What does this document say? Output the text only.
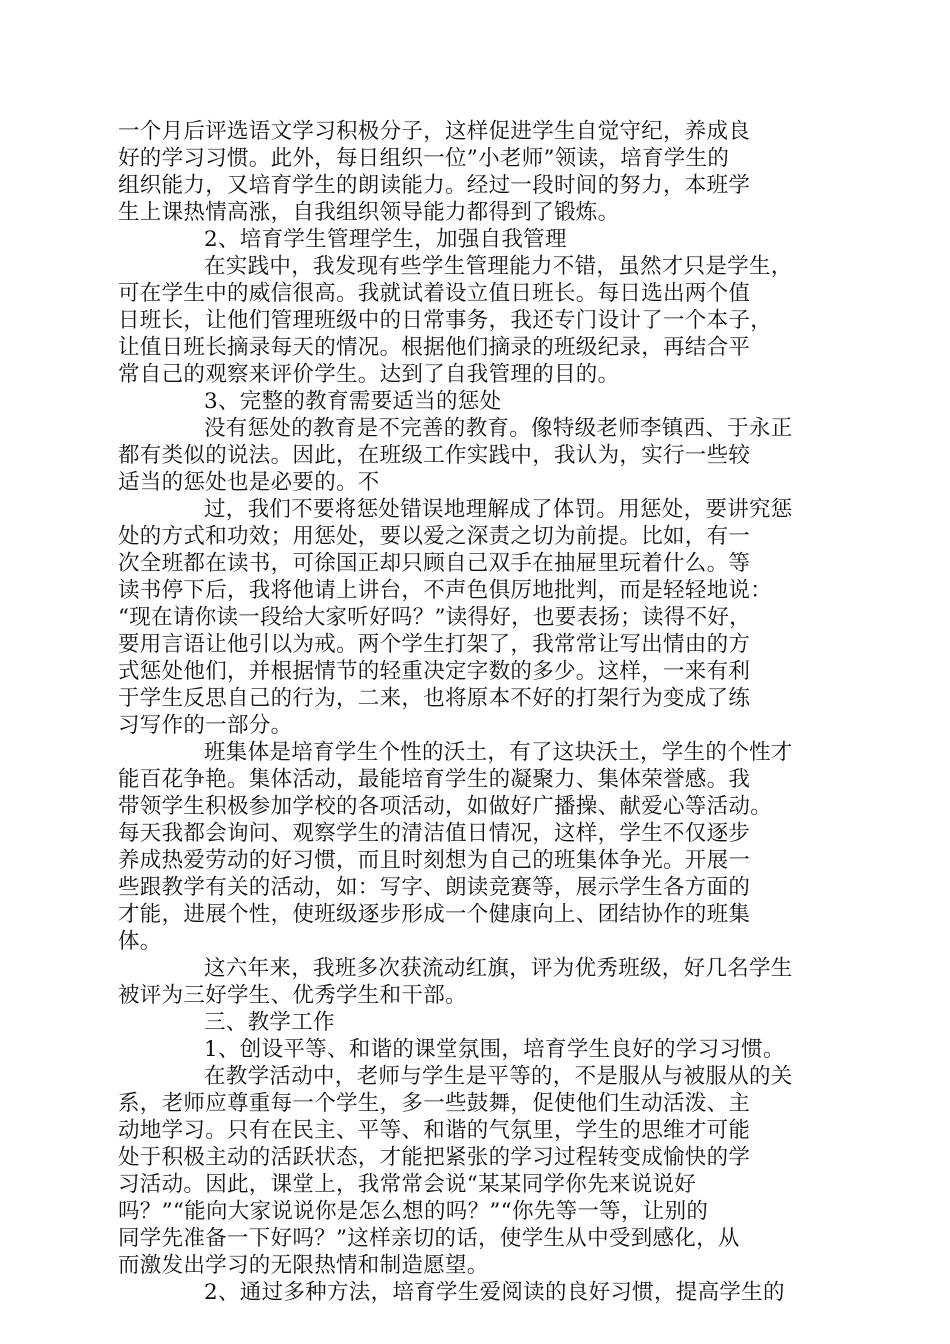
一个月后评选语文学习积极分子，这样促进学生自觉守纪，养成良
好的学习习惯。此外，每日组织一位”小老师”领读，培育学生的
组织能力，又培育学生的朗读能力。经过一段时间的努力，本班学
生上课热情高涨，自我组织领导能力都得到了锻炼。
2、培育学生管理学生，加强自我管理
在实践中，我发现有些学生管理能力不错，虽然才只是学生，
可在学生中的威信很高。我就试着设立值日班长。每日选出两个值
日班长，让他们管理班级中的日常事务，我还专门设计了一个本子，
让值日班长摘录每天的情况。根据他们摘录的班级纪录，再结合平
常自己的观察来评价学生。达到了自我管理的目的。
3、完整的教育需要适当的惩处
没有惩处的教育是不完善的教育。像特级老师李镇西、于永正
都有类似的说法。因此，在班级工作实践中，我认为，实行一些较
适当的惩处也是必要的。不
过，我们不要将惩处错误地理解成了体罚。用惩处，要讲究惩
处的方式和功效；用惩处，要以爱之深责之切为前提。比如，有一
次全班都在读书，可徐国正却只顾自己双手在抽屉里玩着什么。等
读书停下后，我将他请上讲台，不声色俱厉地批判，而是轻轻地说：
“现在请你读一段给大家听好吗？”读得好，也要表扬；读得不好，
要用言语让他引以为戒。两个学生打架了，我常常让写出情由的方
式惩处他们，并根据情节的轻重决定字数的多少。这样，一来有利
于学生反思自己的行为，二来，也将原本不好的打架行为变成了练
习写作的一部分。
班集体是培育学生个性的沃土，有了这块沃土，学生的个性才
能百花争艳。集体活动，最能培育学生的凝聚力、集体荣誉感。我
带领学生积极参加学校的各项活动，如做好广播操、献爱心等活动。
每天我都会询问、观察学生的清洁值日情况，这样，学生不仅逐步
养成热爱劳动的好习惯，而且时刻想为自己的班集体争光。开展一
些跟教学有关的活动，如：写字、朗读竞赛等，展示学生各方面的
才能，进展个性，使班级逐步形成一个健康向上、团结协作的班集
体。
这六年来，我班多次获流动红旗，评为优秀班级，好几名学生
被评为三好学生、优秀学生和干部。
三、教学工作
1、创设平等、和谐的课堂氛围，培育学生良好的学习习惯。
在教学活动中，老师与学生是平等的，不是服从与被服从的关
系，老师应尊重每一个学生，多一些鼓舞，促使他们生动活泼、主
动地学习。只有在民主、平等、和谐的气氛里，学生的思维才可能
处于积极主动的活跃状态，才能把紧张的学习过程转变成愉快的学
习活动。因此，课堂上，我常常会说“某某同学你先来说说好
吗？”“能向大家说说你是怎么想的吗？”“你先等一等，让别的
同学先准备一下好吗？”这样亲切的话，使学生从中受到感化，从
而激发出学习的无限热情和制造愿望。
2、通过多种方法，培育学生爱阅读的良好习惯，提高学生的
